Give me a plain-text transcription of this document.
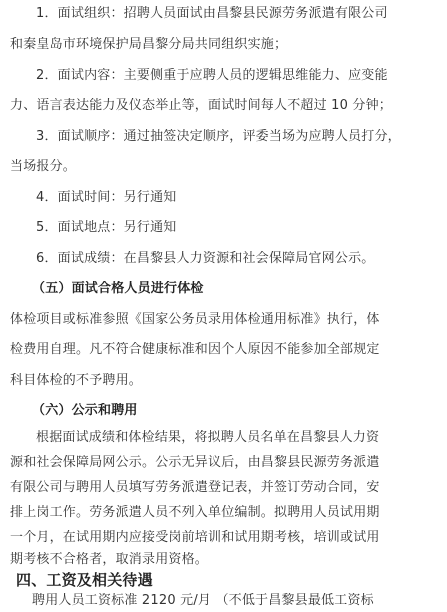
1．面试组织：招聘人员面试由昌黎县民源劳务派遣有限公司
和秦皇岛市环境保护局昌黎分局共同组织实施；
2．面试内容：主要侧重于应聘人员的逻辑思维能力、应变能
力、语言表达能力及仪态举止等，面试时间每人不超过 10 分钟；
3．面试顺序：通过抽签决定顺序，评委当场为应聘人员打分，
当场报分。
4．面试时间：另行通知
5．面试地点：另行通知
6．面试成绩：在昌黎县人力资源和社会保障局官网公示。
（五）面试合格人员进行体检
体检项目或标准参照《国家公务员录用体检通用标准》执行，体
检费用自理。凡不符合健康标准和因个人原因不能参加全部规定
科目体检的不予聘用。
（六）公示和聘用
根据面试成绩和体检结果，将拟聘人员名单在昌黎县人力资
源和社会保障局网公示。公示无异议后，由昌黎县民源劳务派遣
有限公司与聘用人员填写劳务派遣登记表，并签订劳动合同，安
排上岗工作。劳务派遣人员不列入单位编制。拟聘用人员试用期
一个月，在试用期内应接受岗前培训和试用期考核，培训或试用
期考核不合格者，取消录用资格。
四、工资及相关待遇
聘用人员工资标准 2120 元/月 （不低于昌黎县最低工资标
